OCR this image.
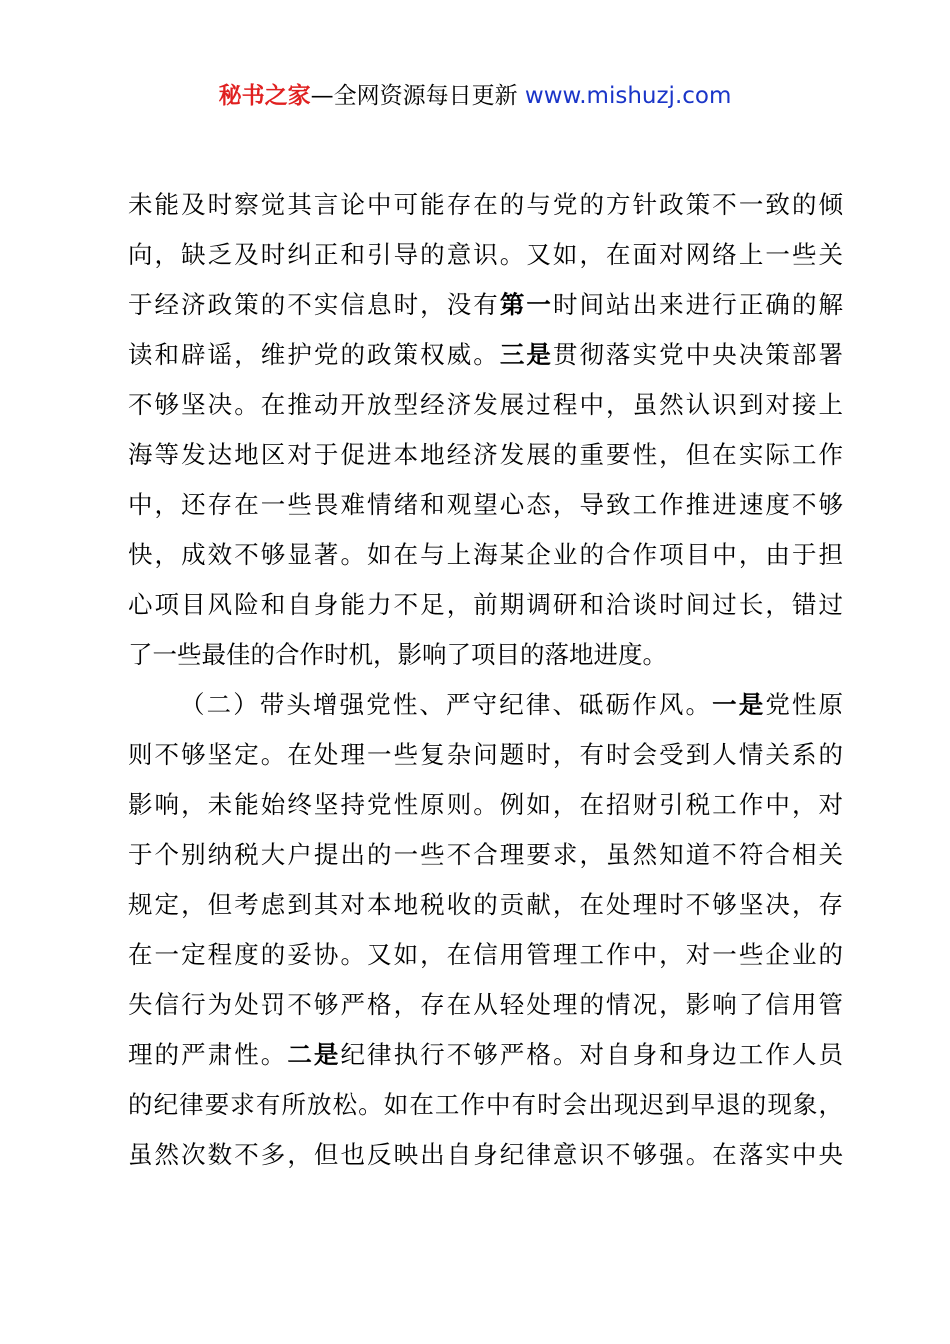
秘书之家—全网资源每日更新 www.mishuzj.com
未能及时察觉其言论中可能存在的与党的方针政策不一致的倾
向，缺乏及时纠正和引导的意识。又如，在面对网络上一些关
于经济政策的不实信息时，没有第一时间站出来进行正确的解
读和辟谣，维护党的政策权威。三是贯彻落实党中央决策部署
不够坚决。在推动开放型经济发展过程中，虽然认识到对接上
海等发达地区对于促进本地经济发展的重要性，但在实际工作
中，还存在一些畏难情绪和观望心态，导致工作推进速度不够
快，成效不够显著。如在与上海某企业的合作项目中，由于担
心项目风险和自身能力不足，前期调研和洽谈时间过长，错过
了一些最佳的合作时机，影响了项目的落地进度。
（二）带头增强党性、严守纪律、砥砺作风。一是党性原
则不够坚定。在处理一些复杂问题时，有时会受到人情关系的
影响，未能始终坚持党性原则。例如，在招财引税工作中，对
于个别纳税大户提出的一些不合理要求，虽然知道不符合相关
规定，但考虑到其对本地税收的贡献，在处理时不够坚决，存
在一定程度的妥协。又如，在信用管理工作中，对一些企业的
失信行为处罚不够严格，存在从轻处理的情况，影响了信用管
理的严肃性。二是纪律执行不够严格。对自身和身边工作人员
的纪律要求有所放松。如在工作中有时会出现迟到早退的现象，
虽然次数不多，但也反映出自身纪律意识不够强。在落实中央
